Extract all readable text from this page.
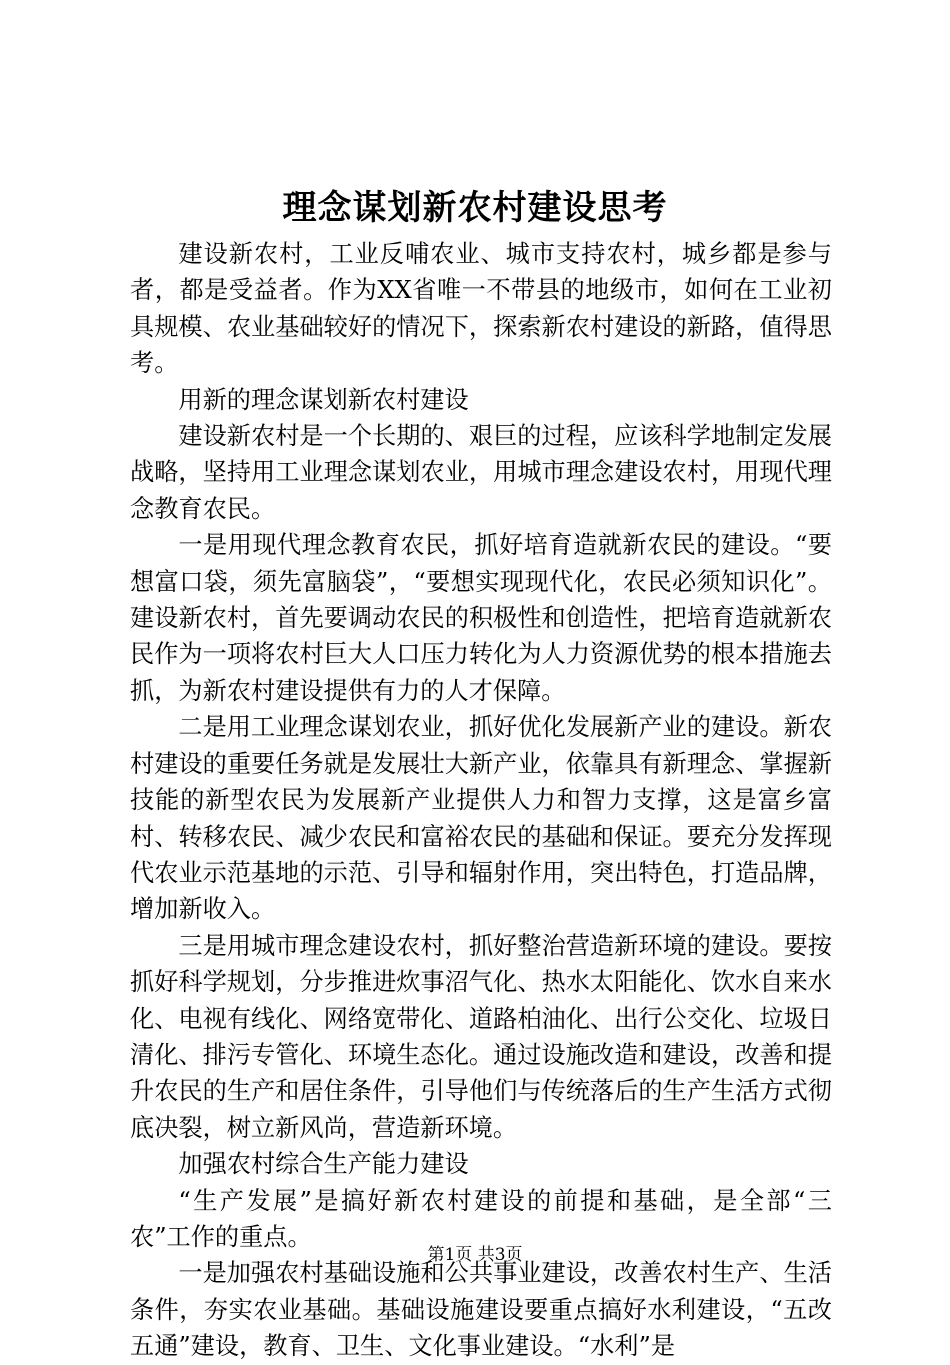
理念谋划新农村建设思考

建设新农村，工业反哺农业、城市支持农村，城乡都是参与者，都是受益者。作为XX省唯一不带县的地级市，如何在工业初具规模、农业基础较好的情况下，探索新农村建设的新路，值得思考。

用新的理念谋划新农村建设

建设新农村是一个长期的、艰巨的过程，应该科学地制定发展战略，坚持用工业理念谋划农业，用城市理念建设农村，用现代理念教育农民。

一是用现代理念教育农民，抓好培育造就新农民的建设。“要想富口袋，须先富脑袋”，“要想实现现代化，农民必须知识化”。建设新农村，首先要调动农民的积极性和创造性，把培育造就新农民作为一项将农村巨大人口压力转化为人力资源优势的根本措施去抓，为新农村建设提供有力的人才保障。

二是用工业理念谋划农业，抓好优化发展新产业的建设。新农村建设的重要任务就是发展壮大新产业，依靠具有新理念、掌握新技能的新型农民为发展新产业提供人力和智力支撑，这是富乡富村、转移农民、减少农民和富裕农民的基础和保证。要充分发挥现代农业示范基地的示范、引导和辐射作用，突出特色，打造品牌，增加新收入。

三是用城市理念建设农村，抓好整治营造新环境的建设。要按抓好科学规划，分步推进炊事沼气化、热水太阳能化、饮水自来水化、电视有线化、网络宽带化、道路柏油化、出行公交化、垃圾日清化、排污专管化、环境生态化。通过设施改造和建设，改善和提升农民的生产和居住条件，引导他们与传统落后的生产生活方式彻底决裂，树立新风尚，营造新环境。

加强农村综合生产能力建设

“生产发展”是搞好新农村建设的前提和基础，是全部“三农”工作的重点。

一是加强农村基础设施和公共事业建设，改善农村生产、生活条件，夯实农业基础。基础设施建设要重点搞好水利建设，“五改五通”建设，教育、卫生、文化事业建设。“水利”是

第1页 共3页
